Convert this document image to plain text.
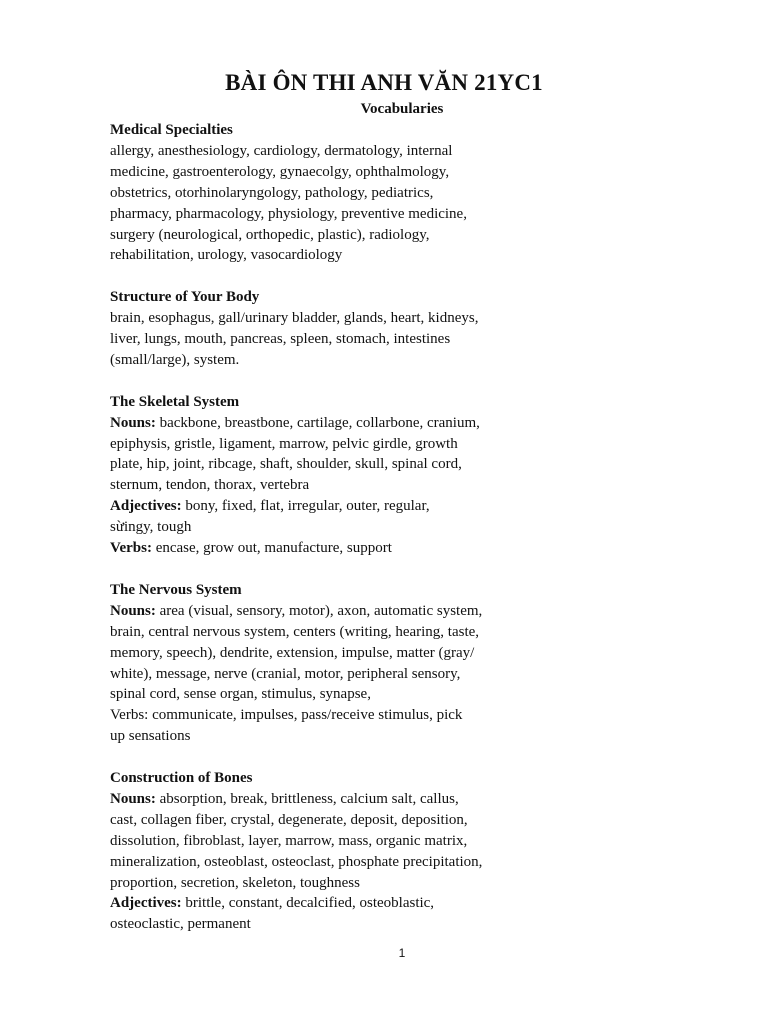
BÀI ÔN THI ANH VĂN 21YC1
Vocabularies
Medical Specialties
allergy, anesthesiology, cardiology, dermatology, internal
medicine, gastroenterology, gynaecolgy, ophthalmology,
obstetrics, otorhinolaryngology, pathology, pediatrics,
pharmacy, pharmacology, physiology, preventive medicine,
surgery (neurological, orthopedic, plastic), radiology,
rehabilitation, urology, vasocardiology
Structure of Your Body
brain, esophagus, gall/urinary bladder, glands, heart, kidneys,
liver, lungs, mouth, pancreas, spleen, stomach, intestines
(small/large), system.
The Skeletal System
Nouns: backbone, breastbone, cartilage, collarbone, cranium,
epiphysis, gristle, ligament, marrow, pelvic girdle, growth
plate, hip, joint, ribcage, shaft, shoulder, skull, spinal cord,
sternum, tendon, thorax, vertebra
Adjectives: bony, fixed, flat, irregular, outer, regular,
sừingy, tough
Verbs: encase, grow out, manufacture, support
The Nervous System
Nouns: area (visual, sensory, motor), axon, automatic system,
brain, central nervous system, centers (writing, hearing, taste,
memory, speech), dendrite, extension, impulse, matter (gray/
white), message, nerve (cranial, motor, peripheral sensory,
spinal cord, sense organ, stimulus, synapse,
Verbs: communicate, impulses, pass/receive stimulus, pick
up sensations
Construction of Bones
Nouns: absorption, break, brittleness, calcium salt, callus,
cast, collagen fiber, crystal, degenerate, deposit, deposition,
dissolution, fibroblast, layer, marrow, mass, organic matrix,
mineralization, osteoblast, osteoclast, phosphate precipitation,
proportion, secretion, skeleton, toughness
Adjectives: brittle, constant, decalcified, osteoblastic,
osteoclastic, permanent
1
